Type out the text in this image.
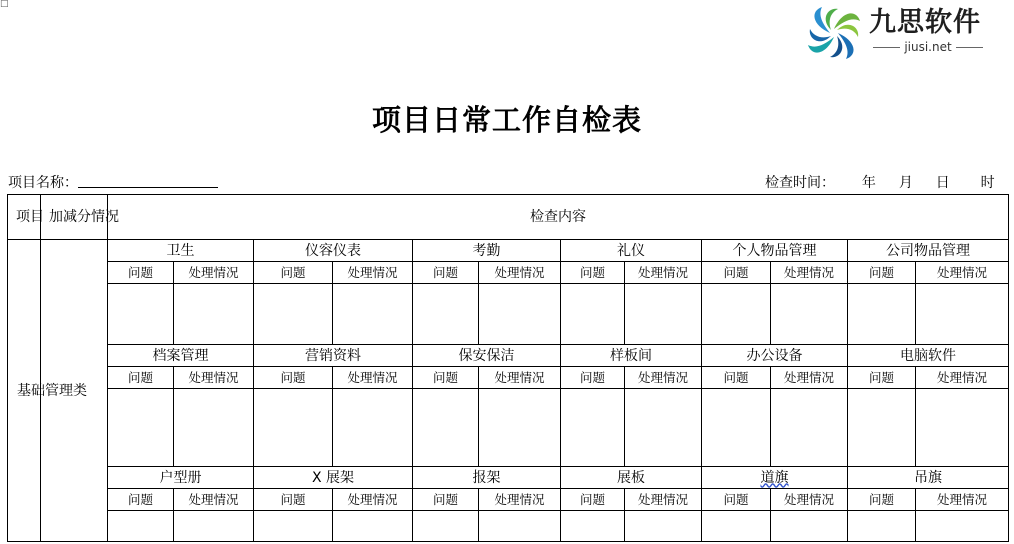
□
九思软件
jiusi.net
项目日常工作自检表
项目名称：	检查时间： 年 月 日 时
项目	加减分情况	检查内容											
基础管理类		卫生		仪容仪表		考勤		礼仪		个人物品管理		公司物品管理	
		问题	处理情况	问题	处理情况	问题	处理情况	问题	处理情况	问题	处理情况	问题	处理情况

		档案管理		营销资料		保安保洁		样板间		办公设备		电脑软件	
		问题	处理情况	问题	处理情况	问题	处理情况	问题	处理情况	问题	处理情况	问题	处理情况

		户型册		X 展架		报架		展板		道旗		吊旗	
		问题	处理情况	问题	处理情况	问题	处理情况	问题	处理情况	问题	处理情况	问题	处理情况
